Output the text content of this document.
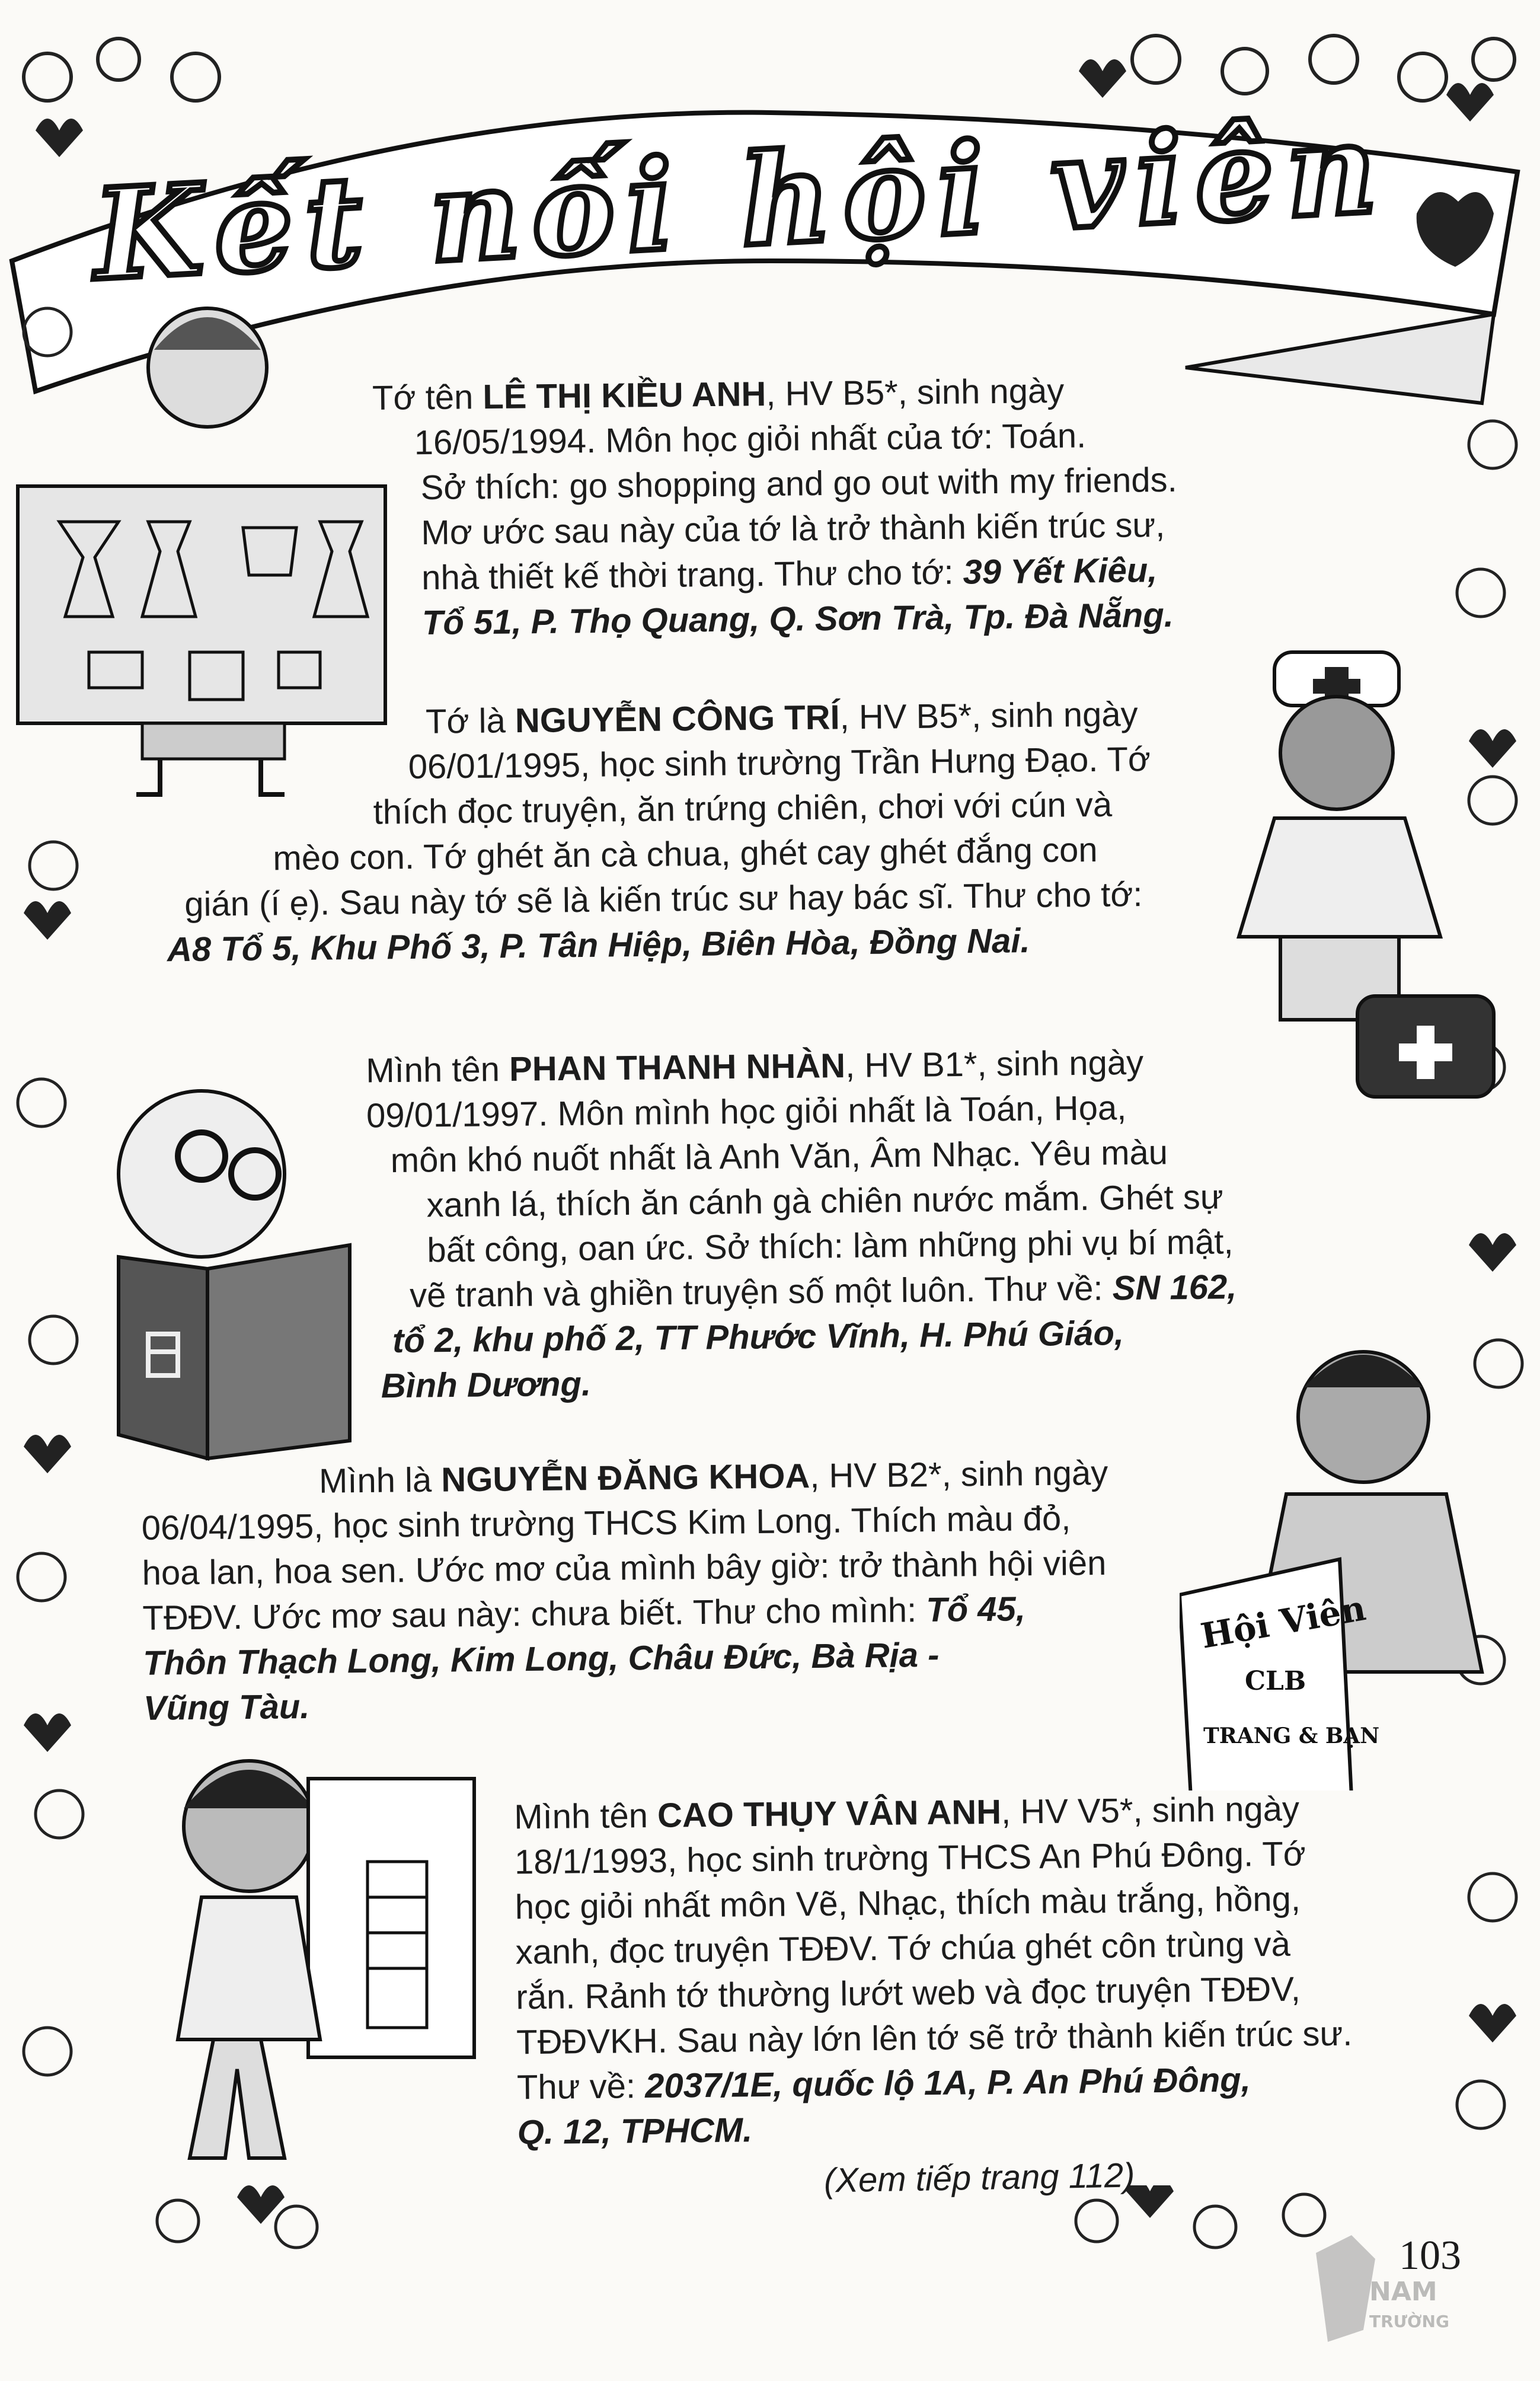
Kết nối hội viên
Hội Viên
CLB
TRANG & BẠN
Tớ tên LÊ THỊ KIỀU ANH, HV B5*, sinh ngày
16/05/1994. Môn học giỏi nhất của tớ: Toán.
Sở thích: go shopping and go out with my friends.
Mơ ước sau này của tớ là trở thành kiến trúc sư,
nhà thiết kế thời trang. Thư cho tớ: 39 Yết Kiêu,
Tổ 51, P. Thọ Quang, Q. Sơn Trà, Tp. Đà Nẵng.
Tớ là NGUYỄN CÔNG TRÍ, HV B5*, sinh ngày
06/01/1995, học sinh trường Trần Hưng Đạo. Tớ
thích đọc truyện, ăn trứng chiên, chơi với cún và
mèo con. Tớ ghét ăn cà chua, ghét cay ghét đắng con
gián (í ẹ). Sau này tớ sẽ là kiến trúc sư hay bác sĩ. Thư cho tớ:
A8 Tổ 5, Khu Phố 3, P. Tân Hiệp, Biên Hòa, Đồng Nai.
Mình tên PHAN THANH NHÀN, HV B1*, sinh ngày
09/01/1997. Môn mình học giỏi nhất là Toán, Họa,
môn khó nuốt nhất là Anh Văn, Âm Nhạc. Yêu màu
xanh lá, thích ăn cánh gà chiên nước mắm. Ghét sự
bất công, oan ức. Sở thích: làm những phi vụ bí mật,
vẽ tranh và ghiền truyện số một luôn. Thư về: SN 162,
tổ 2, khu phố 2, TT Phước Vĩnh, H. Phú Giáo,
Bình Dương.
Mình là NGUYỄN ĐĂNG KHOA, HV B2*, sinh ngày
06/04/1995, học sinh trường THCS Kim Long. Thích màu đỏ,
hoa lan, hoa sen. Ước mơ của mình bây giờ: trở thành hội viên
TĐĐV. Ước mơ sau này: chưa biết. Thư cho mình: Tổ 45,
Thôn Thạch Long, Kim Long, Châu Đức, Bà Rịa -
Vũng Tàu.
Mình tên CAO THỤY VÂN ANH, HV V5*, sinh ngày
18/1/1993, học sinh trường THCS An Phú Đông. Tớ
học giỏi nhất môn Vẽ, Nhạc, thích màu trắng, hồng,
xanh, đọc truyện TĐĐV. Tớ chúa ghét côn trùng và
rắn. Rảnh tớ thường lướt web và đọc truyện TĐĐV,
TĐĐVKH. Sau này lớn lên tớ sẽ trở thành kiến trúc sư.
Thư về: 2037/1E, quốc lộ 1A, P. An Phú Đông,
Q. 12, TPHCM.
(Xem tiếp trang 112)
NAM
TRƯỜNG
103
